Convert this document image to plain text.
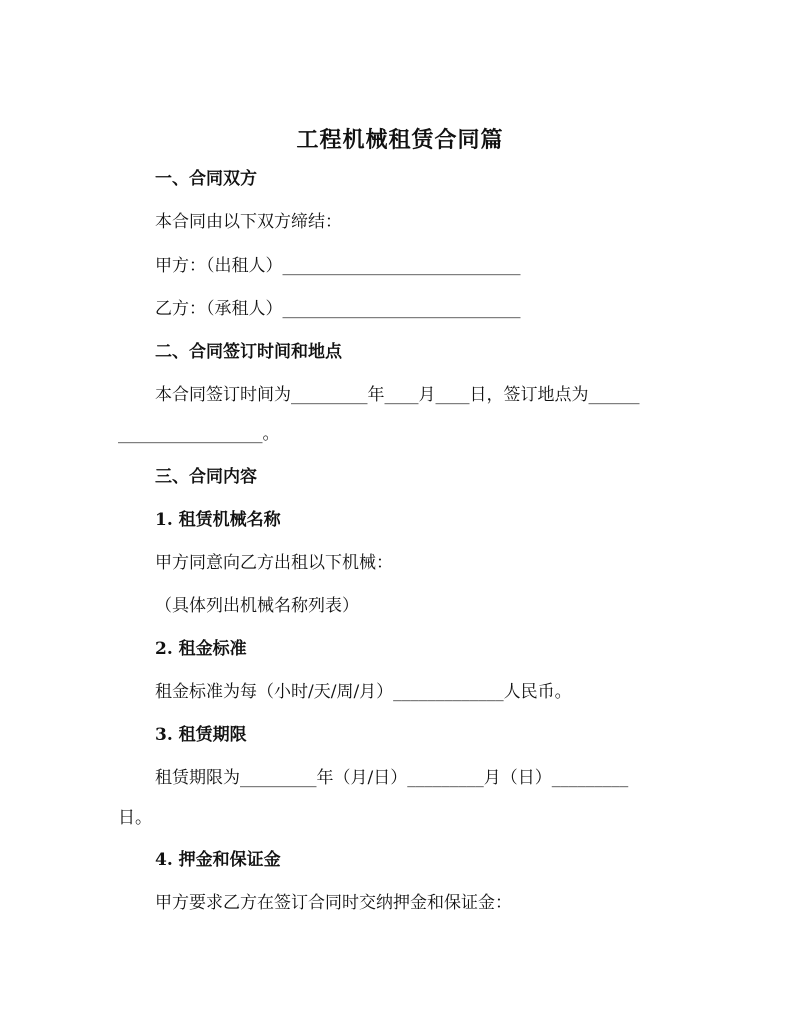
工程机械租赁合同篇
一、合同双方
本合同由以下双方缔结：
甲方：（出租人）____________________________
乙方：（承租人）____________________________
二、合同签订时间和地点
本合同签订时间为_________年____月____日，签订地点为______
_________________。
三、合同内容
1. 租赁机械名称
甲方同意向乙方出租以下机械：
（具体列出机械名称列表）
2. 租金标准
租金标准为每（小时/天/周/月）_____________人民币。
3. 租赁期限
租赁期限为_________年（月/日）_________月（日）_________
日。
4. 押金和保证金
甲方要求乙方在签订合同时交纳押金和保证金：
